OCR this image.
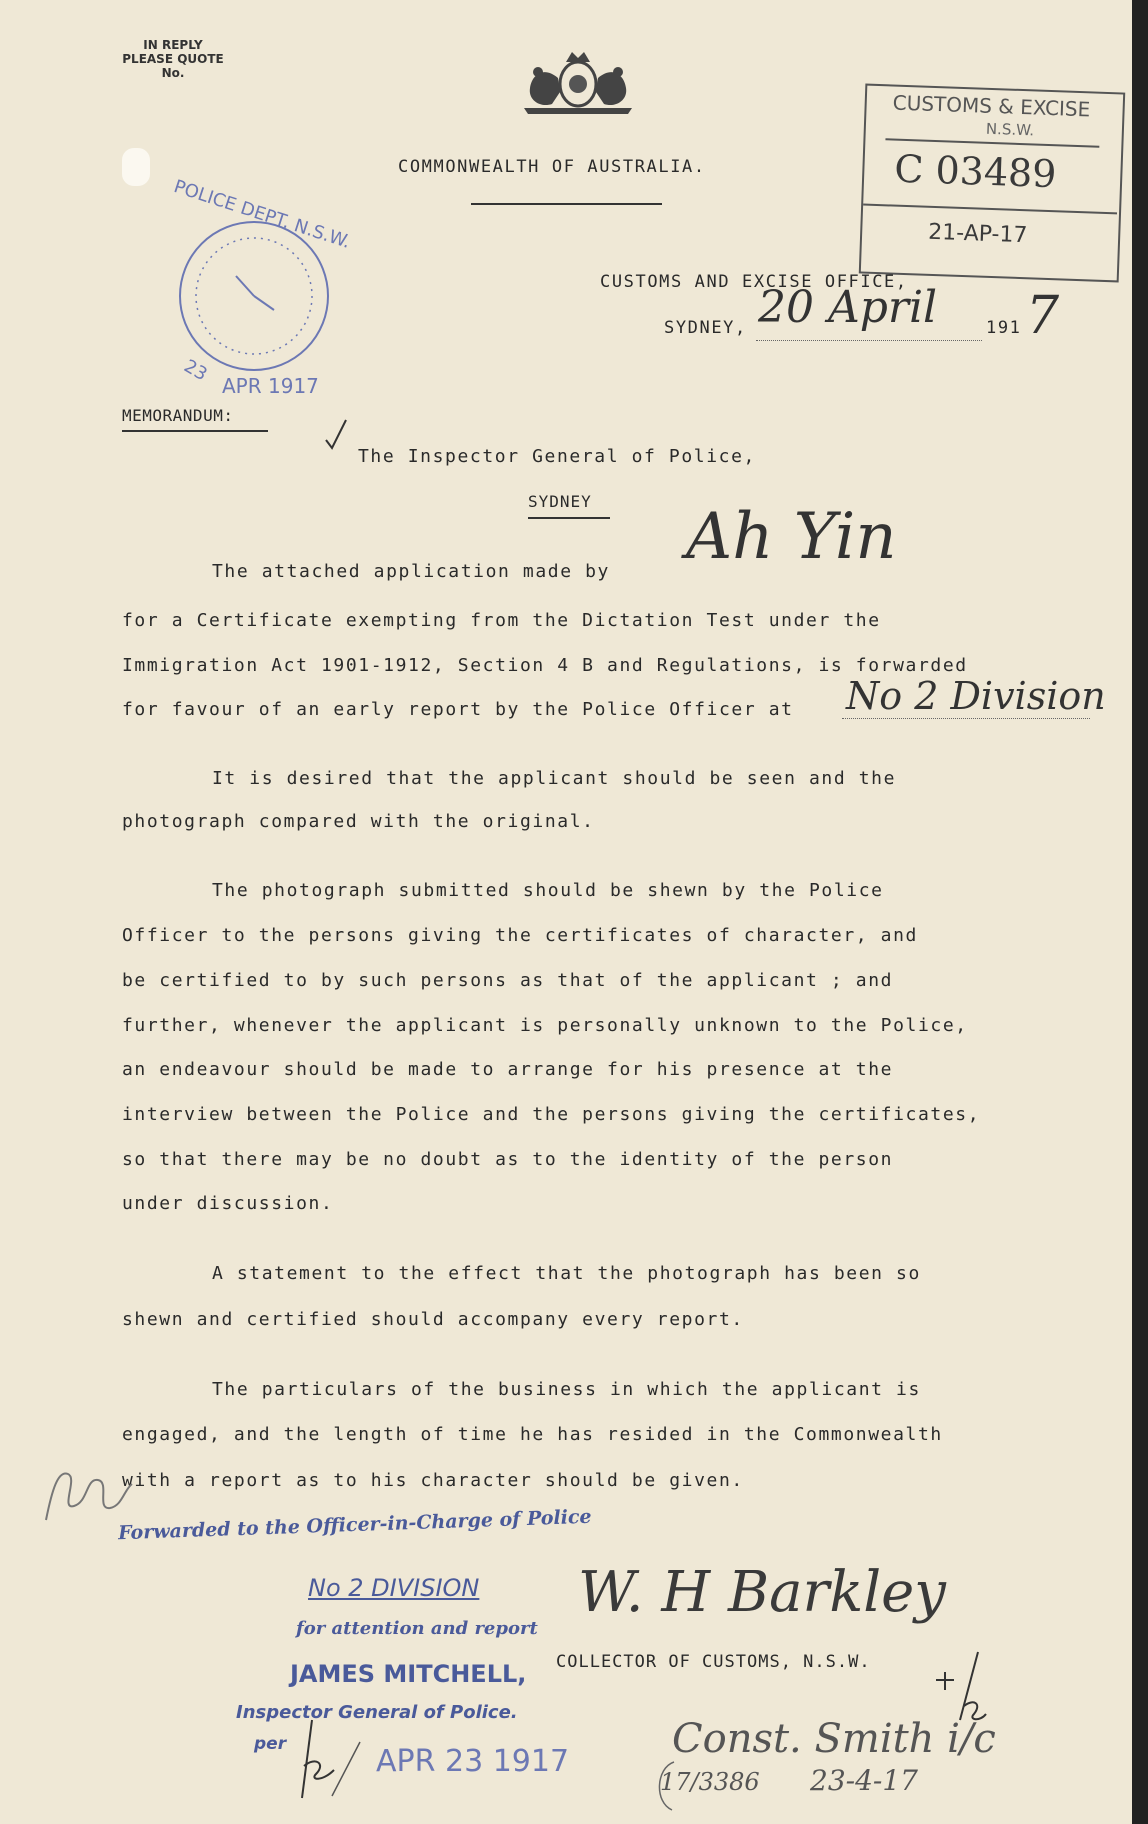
IN REPLY
PLEASE QUOTE
No.
COMMONWEALTH OF AUSTRALIA.
CUSTOMS & EXCISE
N.S.W.
C 03489
21-AP-17
POLICE DEPT. N.S.W.
23
APR 1917
CUSTOMS AND EXCISE OFFICE,
SYDNEY, 20 April	191 7
MEMORANDUM:
The Inspector General of Police,
SYDNEY
The attached application made by Ah Yin
for a Certificate exempting from the Dictation Test under the
Immigration Act 1901-1912, Section 4 B and Regulations, is forwarded
for favour of an early report by the Police Officer at No 2 Division
It is desired that the applicant should be seen and the
photograph compared with the original.
The photograph submitted should be shewn by the Police
Officer to the persons giving the certificates of character, and
be certified to by such persons as that of the applicant ; and
further, whenever the applicant is personally unknown to the Police,
an endeavour should be made to arrange for his presence at the
interview between the Police and the persons giving the certificates,
so that there may be no doubt as to the identity of the person
under discussion.
A statement to the effect that the photograph has been so
shewn and certified should accompany every report.
The particulars of the business in which the applicant is
engaged, and the length of time he has resided in the Commonwealth
with a report as to his character should be given.
Forwarded to the Officer-in-Charge of Police
No 2 DIVISION
for attention and report
JAMES MITCHELL,
Inspector General of Police.
per	APR 23 1917
W. H Barkley
COLLECTOR OF CUSTOMS, N.S.W.
Const. Smith i/c
17/3386 23-4-17
